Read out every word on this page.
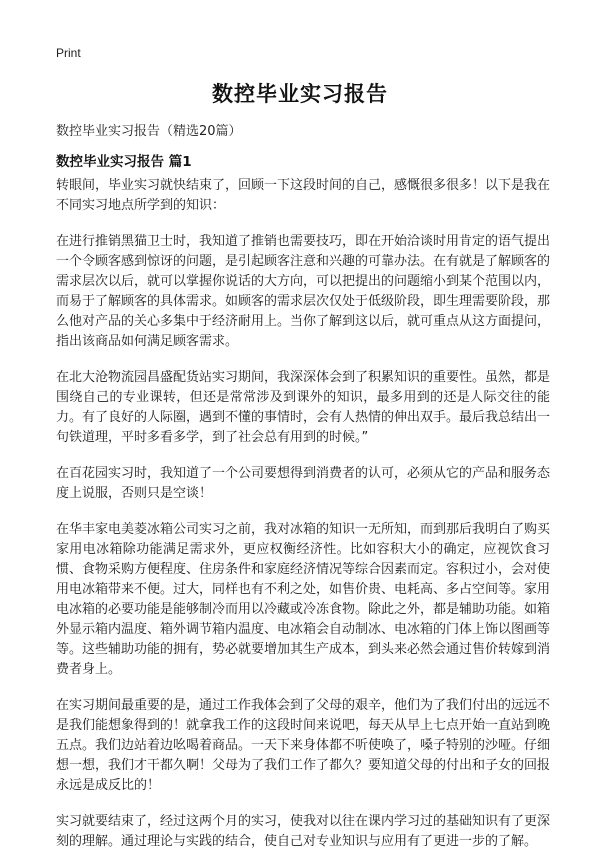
Print
数控毕业实习报告
数控毕业实习报告（精选20篇）
数控毕业实习报告 篇1

转眼间，毕业实习就快结束了，回顾一下这段时间的自己，感慨很多很多！以下是我在不同实习地点所学到的知识：

在进行推销黑猫卫士时，我知道了推销也需要技巧，即在开始洽谈时用肯定的语气提出一个令顾客感到惊讶的问题，是引起顾客注意和兴趣的可靠办法。在有就是了解顾客的需求层次以后，就可以掌握你说话的大方向，可以把提出的问题缩小到某个范围以内，而易于了解顾客的具体需求。如顾客的需求层次仅处于低级阶段，即生理需要阶段，那么他对产品的关心多集中于经济耐用上。当你了解到这以后，就可重点从这方面提问，指出该商品如何满足顾客需求。

在北大沧物流园昌盛配货站实习期间，我深深体会到了积累知识的重要性。虽然，都是围绕自己的专业课转，但还是常常涉及到课外的知识，最多用到的还是人际交往的能力。有了良好的人际圈，遇到不懂的事情时，会有人热情的伸出双手。最后我总结出一句铁道理，平时多看多学，到了社会总有用到的时候。”

在百花园实习时，我知道了一个公司要想得到消费者的认可，必须从它的产品和服务态度上说服，否则只是空谈！

在华丰家电美菱冰箱公司实习之前，我对冰箱的知识一无所知，而到那后我明白了购买家用电冰箱除功能满足需求外，更应权衡经济性。比如容积大小的确定，应视饮食习惯、食物采购方便程度、住房条件和家庭经济情况等综合因素而定。容积过小，会对使用电冰箱带来不便。过大，同样也有不利之处，如售价贵、电耗高、多占空间等。家用电冰箱的必要功能是能够制冷而用以冷藏或冷冻食物。除此之外，都是辅助功能。如箱外显示箱内温度、箱外调节箱内温度、电冰箱会自动制冰、电冰箱的门体上饰以图画等等。这些辅助功能的拥有，势必就要增加其生产成本，到头来必然会通过售价转嫁到消费者身上。

在实习期间最重要的是，通过工作我体会到了父母的艰辛，他们为了我们付出的远远不是我们能想象得到的！就拿我工作的这段时间来说吧，每天从早上七点开始一直站到晚五点。我们边站着边吆喝着商品。一天下来身体都不听使唤了，嗓子特别的沙哑。仔细想一想，我们才干都久啊！父母为了我们工作了都久？要知道父母的付出和子女的回报永远是成反比的！

实习就要结束了，经过这两个月的实习，使我对以往在课内学习过的基础知识有了更深刻的理解。通过理论与实践的结合，使自己对专业知识与应用有了更进一步的了解。
